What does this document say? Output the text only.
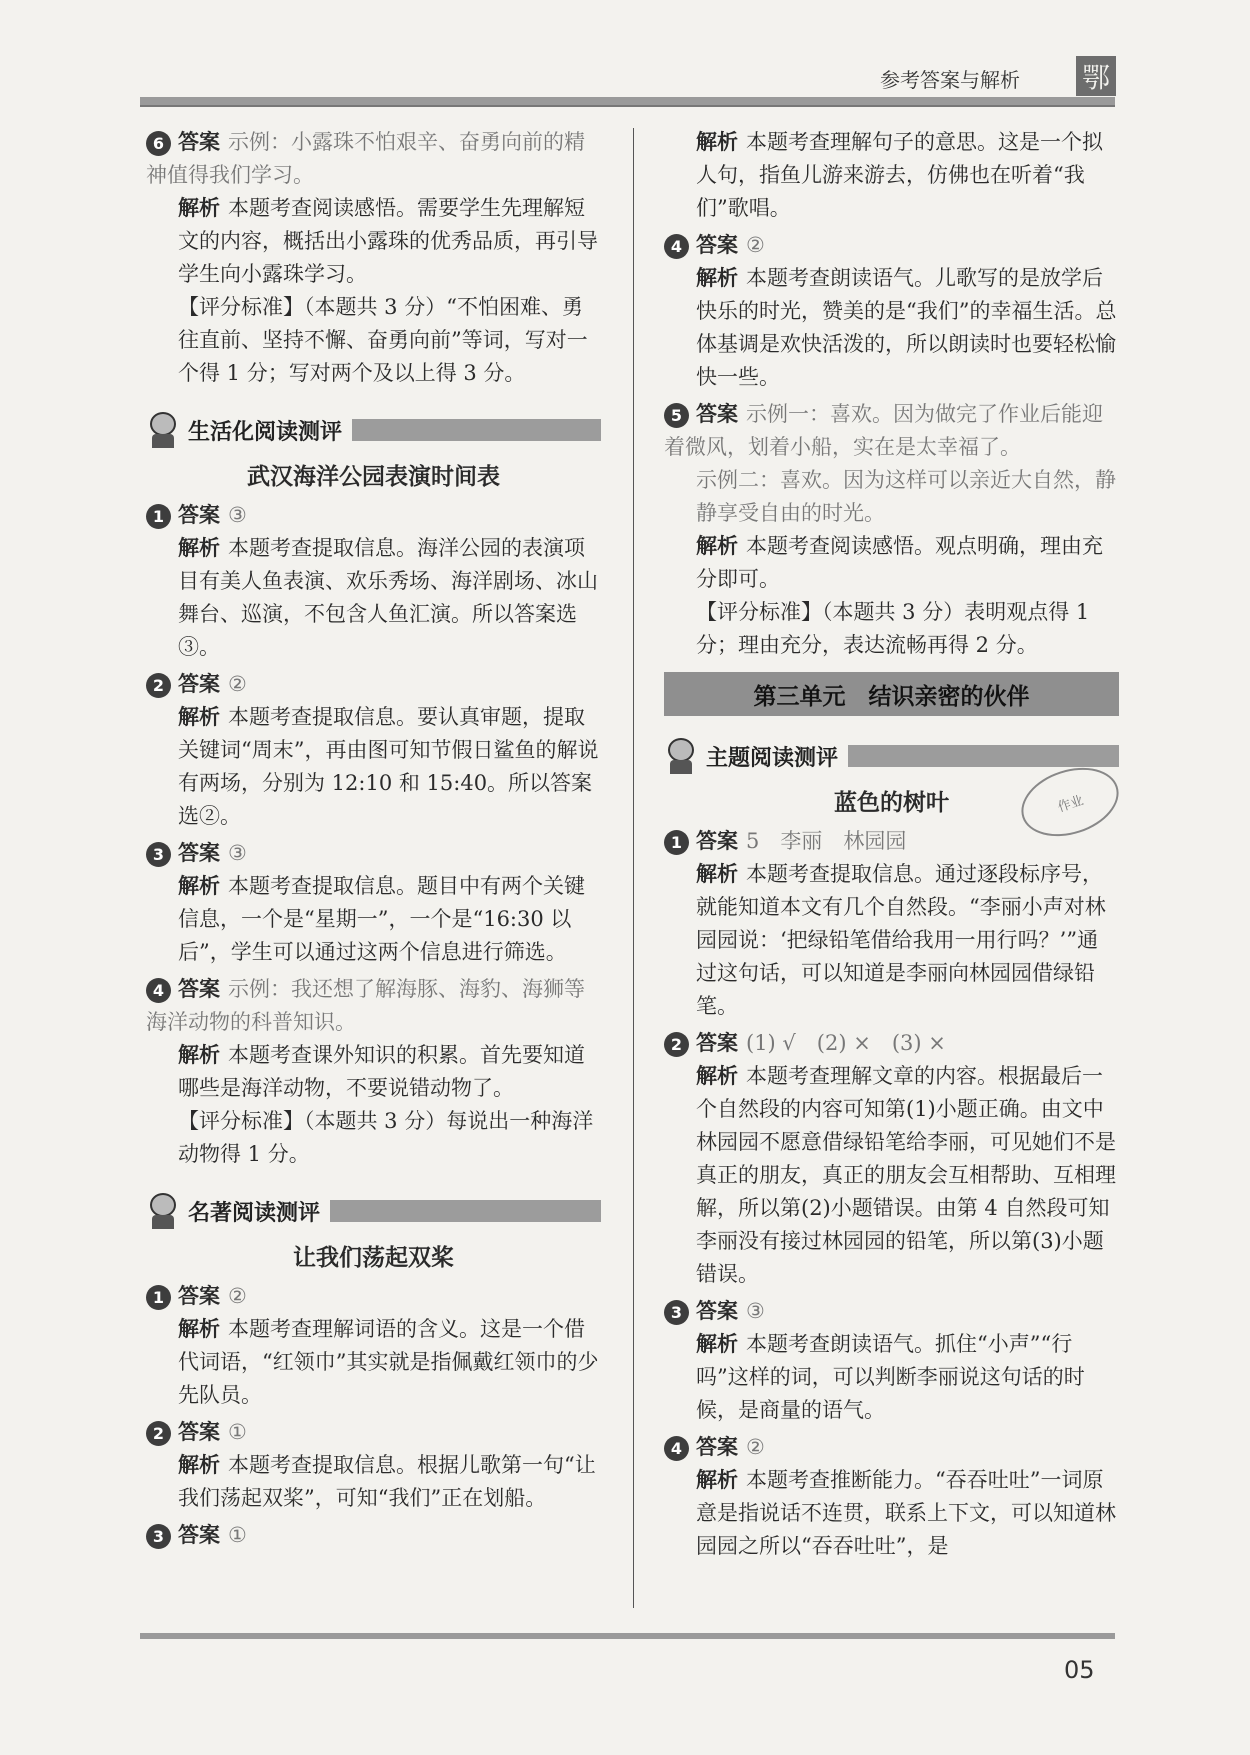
参考答案与解析 鄂

6 答案 示例：小露珠不怕艰辛、奋勇向前的精神值得我们学习。

解析 本题考查阅读感悟。需要学生先理解短文的内容，概括出小露珠的优秀品质，再引导学生向小露珠学习。

【评分标准】（本题共 3 分）“不怕困难、勇往直前、坚持不懈、奋勇向前”等词，写对一个得 1 分；写对两个及以上得 3 分。

生活化阅读测评
武汉海洋公园表演时间表

1 答案 ③

解析 本题考查提取信息。海洋公园的表演项目有美人鱼表演、欢乐秀场、海洋剧场、冰山舞台、巡演，不包含人鱼汇演。所以答案选③。

2 答案 ②

解析 本题考查提取信息。要认真审题，提取关键词“周末”，再由图可知节假日鲨鱼的解说有两场，分别为 12:10 和 15:40。所以答案选②。

3 答案 ③

解析 本题考查提取信息。题目中有两个关键信息，一个是“星期一”，一个是“16:30 以后”，学生可以通过这两个信息进行筛选。

4 答案 示例：我还想了解海豚、海豹、海狮等海洋动物的科普知识。

解析 本题考查课外知识的积累。首先要知道哪些是海洋动物，不要说错动物了。

【评分标准】（本题共 3 分）每说出一种海洋动物得 1 分。

名著阅读测评
让我们荡起双桨

1 答案 ②

解析 本题考查理解词语的含义。这是一个借代词语，“红领巾”其实就是指佩戴红领巾的少先队员。

2 答案 ①

解析 本题考查提取信息。根据儿歌第一句“让我们荡起双桨”，可知“我们”正在划船。

3 答案 ①

解析 本题考查理解句子的意思。这是一个拟人句，指鱼儿游来游去，仿佛也在听着“我们”歌唱。

4 答案 ②

解析 本题考查朗读语气。儿歌写的是放学后快乐的时光，赞美的是“我们”的幸福生活。总体基调是欢快活泼的，所以朗读时也要轻松愉快一些。

5 答案 示例一：喜欢。因为做完了作业后能迎着微风，划着小船，实在是太幸福了。

示例二：喜欢。因为这样可以亲近大自然，静静享受自由的时光。

解析 本题考查阅读感悟。观点明确，理由充分即可。

【评分标准】（本题共 3 分）表明观点得 1 分；理由充分，表达流畅再得 2 分。

第三单元　结识亲密的伙伴
主题阅读测评
蓝色的树叶

1 答案 5　李丽　林园园

解析 本题考查提取信息。通过逐段标序号，就能知道本文有几个自然段。“李丽小声对林园园说：‘把绿铅笔借给我用一用行吗？’”通过这句话，可以知道是李丽向林园园借绿铅笔。

2 答案 (1) √　(2) ×　(3) ×

解析 本题考查理解文章的内容。根据最后一个自然段的内容可知第(1)小题正确。由文中林园园不愿意借绿铅笔给李丽，可见她们不是真正的朋友，真正的朋友会互相帮助、互相理解，所以第(2)小题错误。由第 4 自然段可知李丽没有接过林园园的铅笔，所以第(3)小题错误。

3 答案 ③

解析 本题考查朗读语气。抓住“小声”“行吗”这样的词，可以判断李丽说这句话的时候，是商量的语气。

4 答案 ②

解析 本题考查推断能力。“吞吞吐吐”一词原意是指说话不连贯，联系上下文，可以知道林园园之所以“吞吞吐吐”，是

作业
05
